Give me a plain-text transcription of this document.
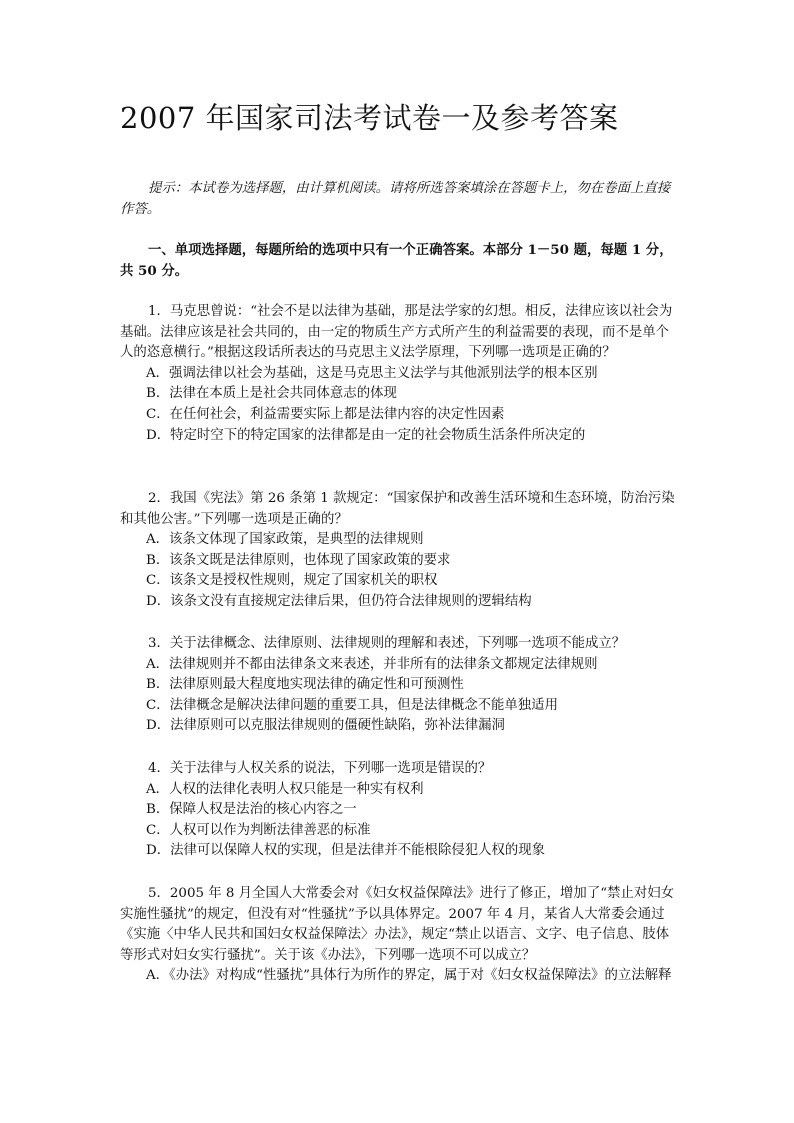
2007 年国家司法考试卷一及参考答案

提示：本试卷为选择题，由计算机阅读。请将所选答案填涂在答题卡上，勿在卷面上直接作答。

一、单项选择题，每题所给的选项中只有一个正确答案。本部分 1－50 题，每题 1 分，共 50 分。

1．马克思曾说：“社会不是以法律为基础，那是法学家的幻想。相反，法律应该以社会为基础。法律应该是社会共同的，由一定的物质生产方式所产生的利益需要的表现，而不是单个人的恣意横行。”根据这段话所表达的马克思主义法学原理，下列哪一选项是正确的？

A．强调法律以社会为基础，这是马克思主义法学与其他派别法学的根本区别

B．法律在本质上是社会共同体意志的体现

C．在任何社会，利益需要实际上都是法律内容的决定性因素

D．特定时空下的特定国家的法律都是由一定的社会物质生活条件所决定的

2．我国《宪法》第 26 条第 1 款规定：“国家保护和改善生活环境和生态环境，防治污染和其他公害。”下列哪一选项是正确的？

A．该条文体现了国家政策，是典型的法律规则

B．该条文既是法律原则，也体现了国家政策的要求

C．该条文是授权性规则，规定了国家机关的职权

D．该条文没有直接规定法律后果，但仍符合法律规则的逻辑结构

3．关于法律概念、法律原则、法律规则的理解和表述，下列哪一选项不能成立？

A．法律规则并不都由法律条文来表述，并非所有的法律条文都规定法律规则

B．法律原则最大程度地实现法律的确定性和可预测性

C．法律概念是解决法律问题的重要工具，但是法律概念不能单独适用

D．法律原则可以克服法律规则的僵硬性缺陷，弥补法律漏洞

4．关于法律与人权关系的说法，下列哪一选项是错误的？

A．人权的法律化表明人权只能是一种实有权利

B．保障人权是法治的核心内容之一

C．人权可以作为判断法律善恶的标准

D．法律可以保障人权的实现，但是法律并不能根除侵犯人权的现象

5．2005 年 8 月全国人大常委会对《妇女权益保障法》进行了修正，增加了“禁止对妇女实施性骚扰”的规定，但没有对“性骚扰”予以具体界定。2007 年 4 月，某省人大常委会通过《实施〈中华人民共和国妇女权益保障法〉办法》，规定“禁止以语言、文字、电子信息、肢体等形式对妇女实行骚扰”。关于该《办法》，下列哪一选项不可以成立？

A．《办法》对构成“性骚扰”具体行为所作的界定，属于对《妇女权益保障法》的立法解释
